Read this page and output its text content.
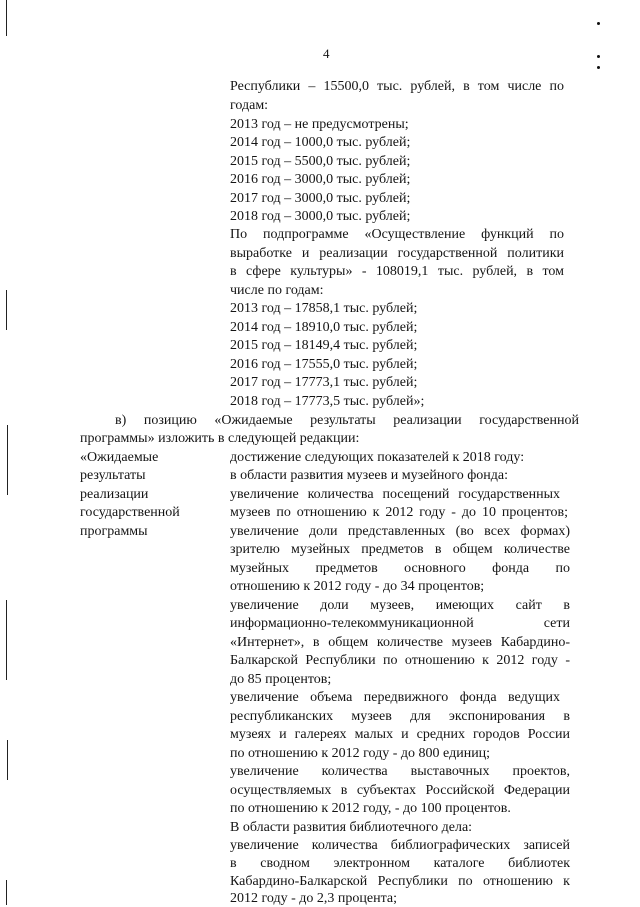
4
Республики – 15500,0 тыс. рублей, в том числе по
годам:
2013 год – не предусмотрены;
2014 год – 1000,0 тыс. рублей;
2015 год – 5500,0 тыс. рублей;
2016 год – 3000,0 тыс. рублей;
2017 год – 3000,0 тыс. рублей;
2018 год – 3000,0 тыс. рублей;
По подпрограмме «Осуществление функций по
выработке и реализации государственной политики
в сфере культуры» - 108019,1 тыс. рублей, в том
числе по годам:
2013 год – 17858,1 тыс. рублей;
2014 год – 18910,0 тыс. рублей;
2015 год – 18149,4 тыс. рублей;
2016 год – 17555,0 тыс. рублей;
2017 год – 17773,1 тыс. рублей;
2018 год – 17773,5 тыс. рублей»;
в) позицию «Ожидаемые результаты реализации государственной
программы» изложить в следующей редакции:
«Ожидаемые
результаты
реализации
государственной
программы
достижение следующих показателей к 2018 году:
в области развития музеев и музейного фонда:
увеличение количества посещений государственных
музеев по отношению к 2012 году - до 10 процентов;
увеличение доли представленных (во всех формах)
зрителю музейных предметов в общем количестве
музейных предметов основного фонда по
отношению к 2012 году - до 34 процентов;
увеличение доли музеев, имеющих сайт в
информационно-телекоммуникационной сети
«Интернет», в общем количестве музеев Кабардино-
Балкарской Республики по отношению к 2012 году -
до 85 процентов;
увеличение объема передвижного фонда ведущих
республиканских музеев для экспонирования в
музеях и галереях малых и средних городов России
по отношению к 2012 году - до 800 единиц;
увеличение количества выставочных проектов,
осуществляемых в субъектах Российской Федерации
по отношению к 2012 году, - до 100 процентов.
В области развития библиотечного дела:
увеличение количества библиографических записей
в сводном электронном каталоге библиотек
Кабардино-Балкарской Республики по отношению к
2012 году - до 2,3 процента;
